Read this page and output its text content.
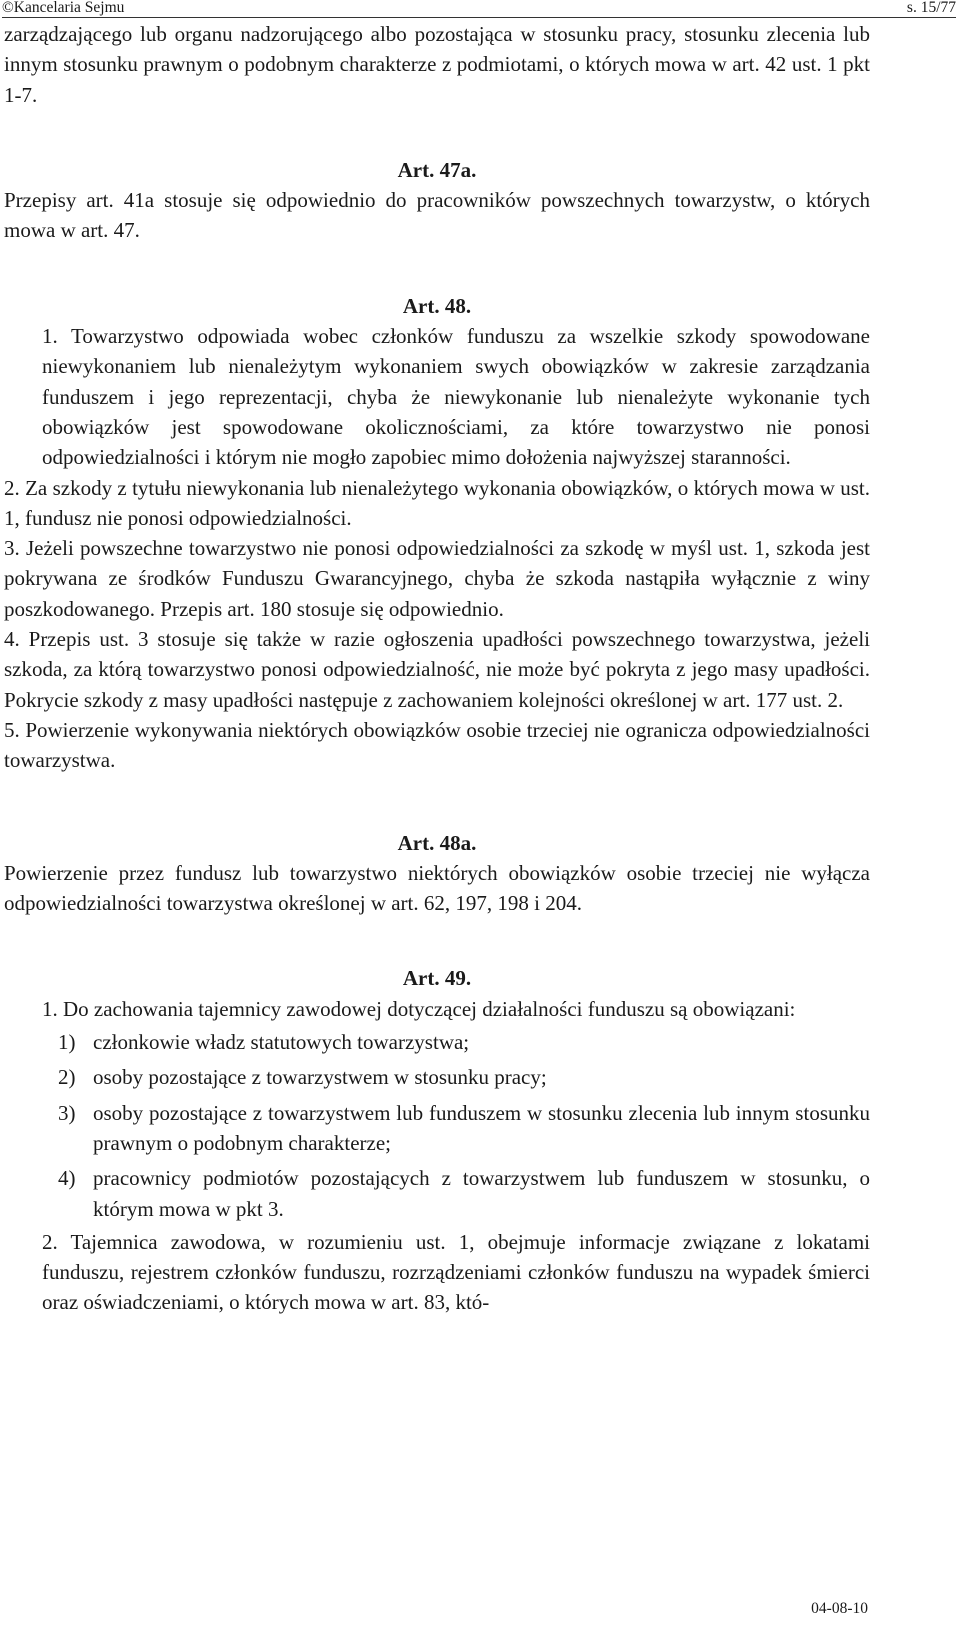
©Kancelaria Sejmu	s. 15/77

zarządzającego lub organu nadzorującego albo pozostająca w stosunku pracy, stosunku zlecenia lub innym stosunku prawnym o podobnym charakterze z podmiotami, o których mowa w art. 42 ust. 1 pkt 1-7.

Art. 47a.

Przepisy art. 41a stosuje się odpowiednio do pracowników powszechnych towarzystw, o których mowa w art. 47.

Art. 48.

1. Towarzystwo odpowiada wobec członków funduszu za wszelkie szkody spowodowane niewykonaniem lub nienależytym wykonaniem swych obowiązków w zakresie zarządzania funduszem i jego reprezentacji, chyba że niewykonanie lub nienależyte wykonanie tych obowiązków jest spowodowane okolicznościami, za które towarzystwo nie ponosi odpowiedzialności i którym nie mogło zapobiec mimo dołożenia najwyższej staranności.

2. Za szkody z tytułu niewykonania lub nienależytego wykonania obowiązków, o których mowa w ust. 1, fundusz nie ponosi odpowiedzialności.

3. Jeżeli powszechne towarzystwo nie ponosi odpowiedzialności za szkodę w myśl ust. 1, szkoda jest pokrywana ze środków Funduszu Gwarancyjnego, chyba że szkoda nastąpiła wyłącznie z winy poszkodowanego. Przepis art. 180 stosuje się odpowiednio.

4. Przepis ust. 3 stosuje się także w razie ogłoszenia upadłości powszechnego towarzystwa, jeżeli szkoda, za którą towarzystwo ponosi odpowiedzialność, nie może być pokryta z jego masy upadłości. Pokrycie szkody z masy upadłości następuje z zachowaniem kolejności określonej w art. 177 ust. 2.

5. Powierzenie wykonywania niektórych obowiązków osobie trzeciej nie ogranicza odpowiedzialności towarzystwa.

Art. 48a.

Powierzenie przez fundusz lub towarzystwo niektórych obowiązków osobie trzeciej nie wyłącza odpowiedzialności towarzystwa określonej w art. 62, 197, 198 i 204.

Art. 49.

1. Do zachowania tajemnicy zawodowej dotyczącej działalności funduszu są obowiązani:

1) członkowie władz statutowych towarzystwa;
2) osoby pozostające z towarzystwem w stosunku pracy;
3) osoby pozostające z towarzystwem lub funduszem w stosunku zlecenia lub innym stosunku prawnym o podobnym charakterze;
4) pracownicy podmiotów pozostających z towarzystwem lub funduszem w stosunku, o którym mowa w pkt 3.

2. Tajemnica zawodowa, w rozumieniu ust. 1, obejmuje informacje związane z lokatami funduszu, rejestrem członków funduszu, rozrządzeniami członków funduszu na wypadek śmierci oraz oświadczeniami, o których mowa w art. 83, któ-

04-08-10
